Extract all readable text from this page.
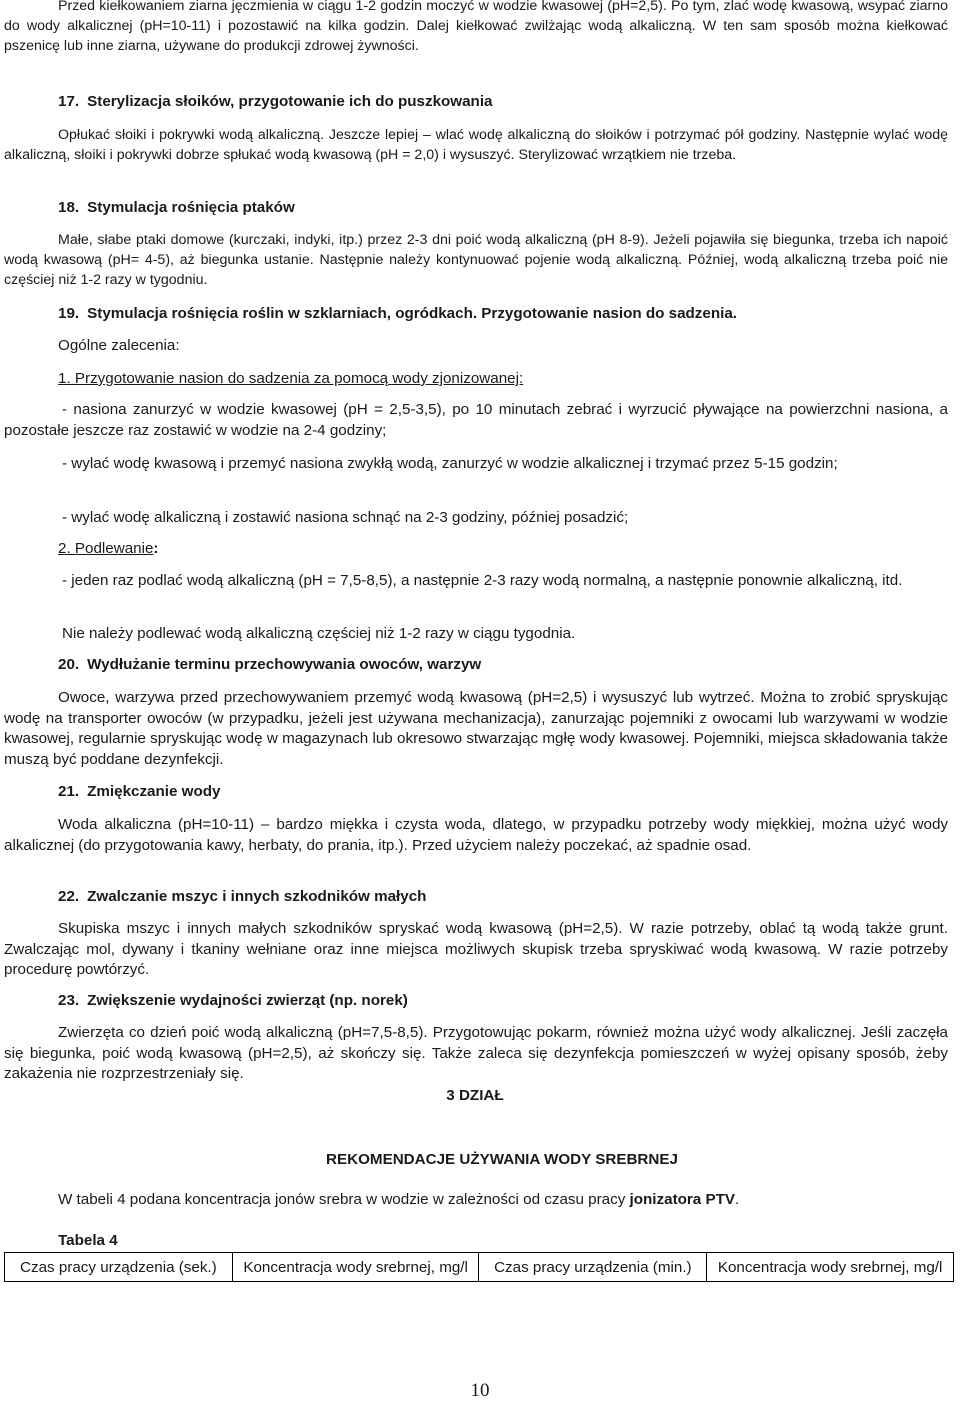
Przed kiełkowaniem ziarna jęczmienia w ciągu 1-2 godzin moczyć w wodzie kwasowej (pH=2,5). Po tym, zlać wodę kwasową, wsypać ziarno do wody alkalicznej (pH=10-11) i pozostawić na kilka godzin. Dalej kiełkować zwilżając wodą alkaliczną. W ten sam sposób można kiełkować pszenicę lub inne ziarna, używane do produkcji zdrowej żywności.

17. Sterylizacja słoików, przygotowanie ich do puszkowania

Opłukać słoiki i pokrywki wodą alkaliczną. Jeszcze lepiej – wlać wodę alkaliczną do słoików i potrzymać pół godziny. Następnie wylać wodę alkaliczną, słoiki i pokrywki dobrze spłukać wodą kwasową (pH = 2,0) i wysuszyć. Sterylizować wrzątkiem nie trzeba.

18. Stymulacja rośnięcia ptaków

Małe, słabe ptaki domowe (kurczaki, indyki, itp.) przez 2-3 dni poić wodą alkaliczną (pH 8-9). Jeżeli pojawiła się biegunka, trzeba ich napoić wodą kwasową (pH= 4-5), aż biegunka ustanie. Następnie należy kontynuować pojenie wodą alkaliczną. Później, wodą alkaliczną trzeba poić nie częściej niż 1-2 razy w tygodniu.

19. Stymulacja rośnięcia roślin w szklarniach, ogródkach. Przygotowanie nasion do sadzenia.
Ogólne zalecenia:
1. Przygotowanie nasion do sadzenia za pomocą wody zjonizowanej:

- nasiona zanurzyć w wodzie kwasowej (pH = 2,5-3,5), po 10 minutach zebrać i wyrzucić pływające na powierzchni nasiona, a pozostałe jeszcze raz zostawić w wodzie na 2-4 godziny;

- wylać wodę kwasową i przemyć nasiona zwykłą wodą, zanurzyć w wodzie alkalicznej i trzymać przez 5-15 godzin;

- wylać wodę alkaliczną i zostawić nasiona schnąć na 2-3 godziny, później posadzić;
2. Podlewanie:

- jeden raz podlać wodą alkaliczną (pH = 7,5-8,5), a następnie 2-3 razy wodą normalną, a następnie ponownie alkaliczną, itd.

Nie należy podlewać wodą alkaliczną częściej niż 1-2 razy w ciągu tygodnia.
20. Wydłużanie terminu przechowywania owoców, warzyw

Owoce, warzywa przed przechowywaniem przemyć wodą kwasową (pH=2,5) i wysuszyć lub wytrzeć. Można to zrobić spryskując wodę na transporter owoców (w przypadku, jeżeli jest używana mechanizacja), zanurzając pojemniki z owocami lub warzywami w wodzie kwasowej, regularnie spryskując wodę w magazynach lub okresowo stwarzając mgłę wody kwasowej. Pojemniki, miejsca składowania także muszą być poddane dezynfekcji.

21. Zmiękczanie wody

Woda alkaliczna (pH=10-11) – bardzo miękka i czysta woda, dlatego, w przypadku potrzeby wody miękkiej, można użyć wody alkalicznej (do przygotowania kawy, herbaty, do prania, itp.). Przed użyciem należy poczekać, aż spadnie osad.

22. Zwalczanie mszyc i innych szkodników małych

Skupiska mszyc i innych małych szkodników spryskać wodą kwasową (pH=2,5). W razie potrzeby, oblać tą wodą także grunt. Zwalczając mol, dywany i tkaniny wełniane oraz inne miejsca możliwych skupisk trzeba spryskiwać wodą kwasową. W razie potrzeby procedurę powtórzyć.

23. Zwiększenie wydajności zwierząt (np. norek)

Zwierzęta co dzień poić wodą alkaliczną (pH=7,5-8,5). Przygotowując pokarm, również można użyć wody alkalicznej. Jeśli zaczęła się biegunka, poić wodą kwasową (pH=2,5), aż skończy się. Także zaleca się dezynfekcja pomieszczeń w wyżej opisany sposób, żeby zakażenia nie rozprzestrzeniały się.

3 DZIAŁ
REKOMENDACJE UŻYWANIA WODY SREBRNEJ
W tabeli 4 podana koncentracja jonów srebra w wodzie w zależności od czasu pracy jonizatora PTV.
Tabela 4
Czas pracy urządzenia (sek.)	Koncentracja wody srebrnej, mg/l	Czas pracy urządzenia (min.)	Koncentracja wody srebrnej, mg/l
10
